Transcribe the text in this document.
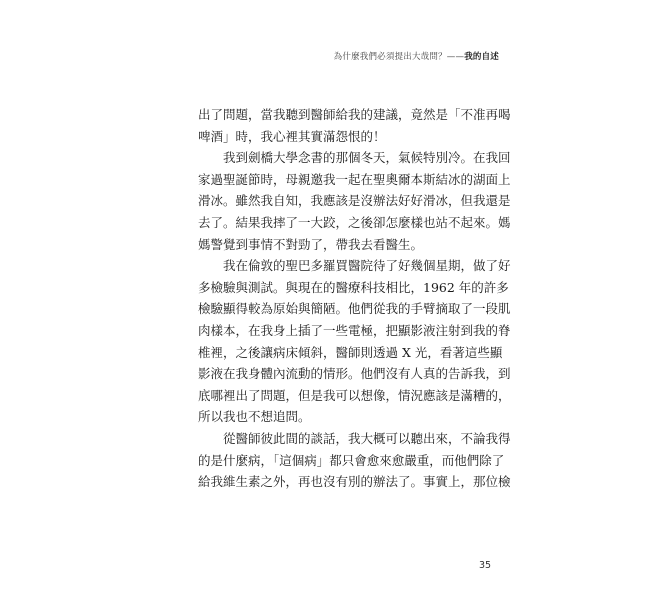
為什麼我們必須提出大哉問？——我的自述

出了問題，當我聽到醫師給我的建議，竟然是「不准再喝
啤酒」時，我心裡其實滿怨恨的！

我到劍橋大學念書的那個冬天，氣候特別冷。在我回
家過聖誕節時，母親邀我一起在聖奧爾本斯結冰的湖面上
滑冰。雖然我自知，我應該是沒辦法好好滑冰，但我還是
去了。結果我摔了一大跤，之後卻怎麼樣也站不起來。媽
媽警覺到事情不對勁了，帶我去看醫生。

我在倫敦的聖巴多羅買醫院待了好幾個星期，做了好
多檢驗與測試。與現在的醫療科技相比，1962 年的許多
檢驗顯得較為原始與簡陋。他們從我的手臂摘取了一段肌
肉樣本，在我身上插了一些電極，把顯影液注射到我的脊
椎裡，之後讓病床傾斜，醫師則透過 X 光，看著這些顯
影液在我身體內流動的情形。他們沒有人真的告訴我，到
底哪裡出了問題，但是我可以想像，情況應該是滿糟的，
所以我也不想追問。

從醫師彼此間的談話，我大概可以聽出來，不論我得
的是什麼病，「這個病」都只會愈來愈嚴重，而他們除了
給我維生素之外，再也沒有別的辦法了。事實上，那位檢

35
